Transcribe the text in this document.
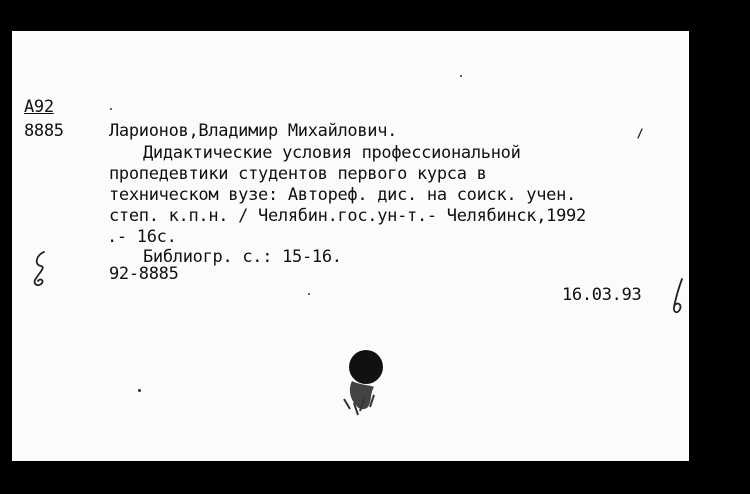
А92
8885	Ларионов,Владимир Михайлович.
Дидактические условия профессиональной
пропедевтики студентов первого курса в
техническом вузе: Автореф. дис. на соиск. учен.
степ. к.п.н. / Челябин.гос.ун-т.- Челябинск,1992
.- 16с.
Библиогр. с.: 15-16.
92-8885
16.03.93
